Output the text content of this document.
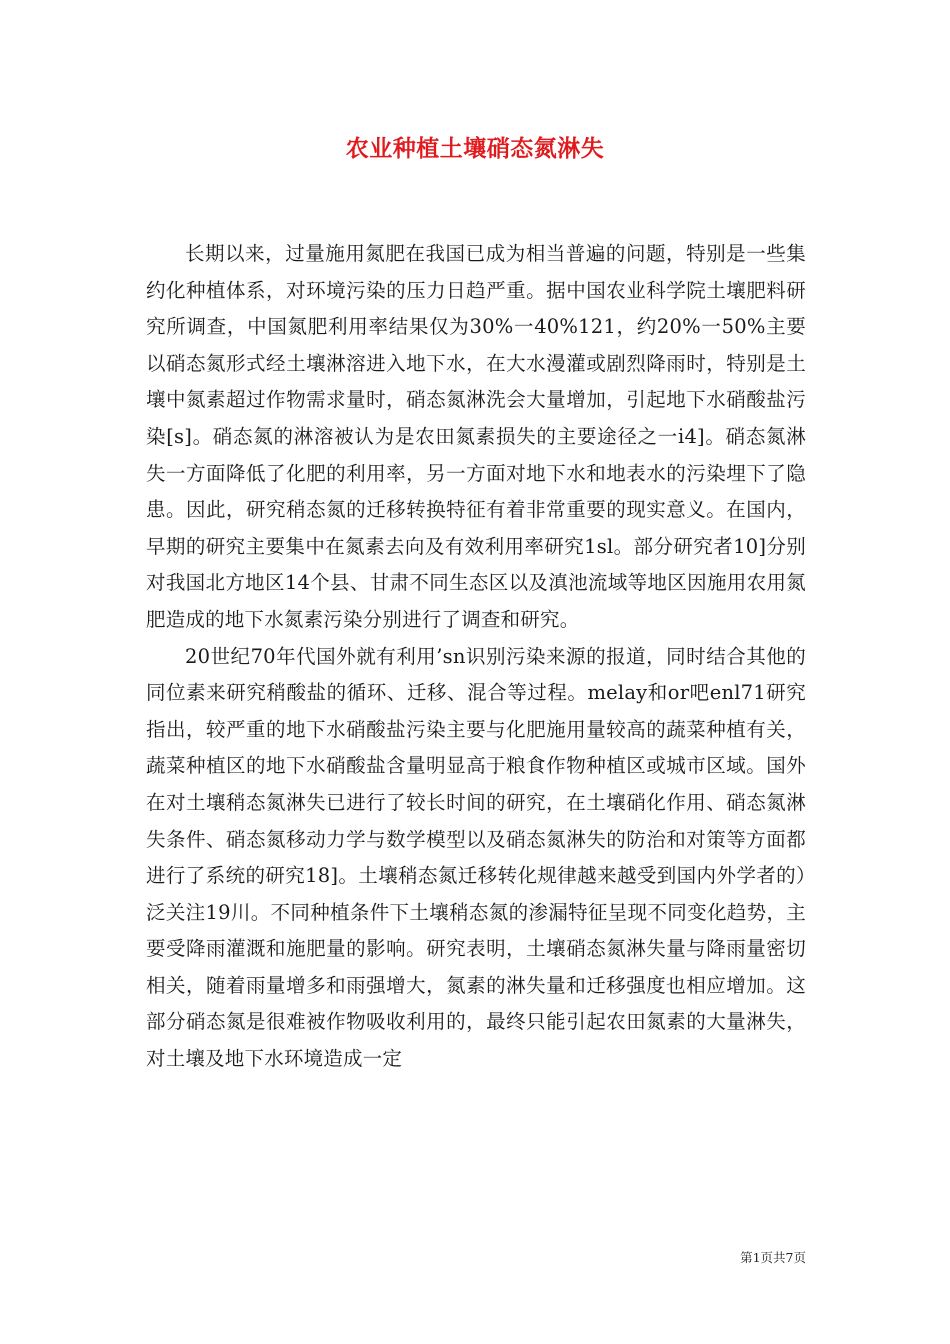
农业种植土壤硝态氮淋失

长期以来，过量施用氮肥在我国已成为相当普遍的问题，特别是一些集约化种植体系，对环境污染的压力日趋严重。据中国农业科学院土壤肥料研究所调查，中国氮肥利用率结果仅为30%一40%121，约20%一50%主要以硝态氮形式经土壤淋溶进入地下水，在大水漫灌或剧烈降雨时，特别是土壤中氮素超过作物需求量时，硝态氮淋洗会大量增加，引起地下水硝酸盐污染[s]。硝态氮的淋溶被认为是农田氮素损失的主要途径之一i4]。硝态氮淋失一方面降低了化肥的利用率，另一方面对地下水和地表水的污染埋下了隐患。因此，研究稍态氮的迁移转换特征有着非常重要的现实意义。在国内，早期的研究主要集中在氮素去向及有效利用率研究1sl。部分研究者10]分别对我国北方地区14个县、甘肃不同生态区以及滇池流域等地区因施用农用氮肥造成的地下水氮素污染分别进行了调查和研究。

20世纪70年代国外就有利用’sn识别污染来源的报道，同时结合其他的同位素来研究稍酸盐的循环、迁移、混合等过程。melay和or吧enl71研究指出，较严重的地下水硝酸盐污染主要与化肥施用量较高的蔬菜种植有关，蔬菜种植区的地下水硝酸盐含量明显高于粮食作物种植区或城市区域。国外在对土壤稍态氮淋失已进行了较长时间的研究，在土壤硝化作用、硝态氮淋失条件、硝态氮移动力学与数学模型以及硝态氮淋失的防治和对策等方面都进行了系统的研究18]。土壤稍态氮迁移转化规律越来越受到国内外学者的）泛关注19川。不同种植条件下土壤稍态氮的渗漏特征呈现不同变化趋势，主要受降雨灌溉和施肥量的影响。研究表明，土壤硝态氮淋失量与降雨量密切相关，随着雨量增多和雨强增大，氮素的淋失量和迁移强度也相应增加。这部分硝态氮是很难被作物吸收利用的，最终只能引起农田氮素的大量淋失，对土壤及地下水环境造成一定

第1页共7页
